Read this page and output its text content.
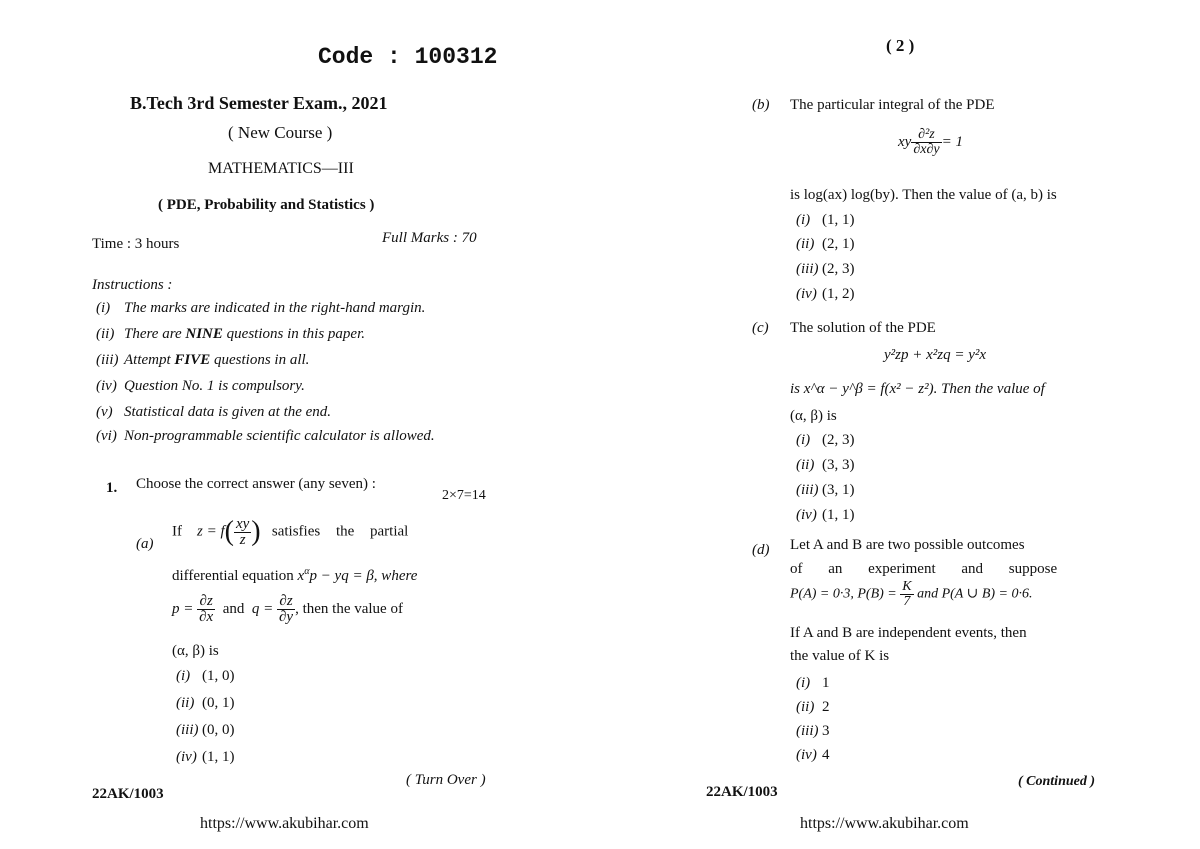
Code : 100312
B.Tech 3rd Semester Exam., 2021
( New Course )
MATHEMATICS—III
( PDE, Probability and Statistics )
Time : 3 hours	Full Marks : 70
Instructions :
(i) The marks are indicated in the right-hand margin.
(ii) There are NINE questions in this paper.
(iii) Attempt FIVE questions in all.
(iv) Question No. 1 is compulsory.
(v) Statistical data is given at the end.
(vi) Non-programmable scientific calculator is allowed.
1. Choose the correct answer (any seven) :
2×7=14
(a)
If $z = f( \frac{xy}{z}$ ) satisfies the partial
differential equation $x^\alpha p$ − yq = β, where
$p = \frac{\partial z}{\partial x}$ and $q = \frac{\partial z}{\partial y}$ , then the value of
(α, β) is
(i) (1, 0)
(ii) (0, 1)
(iii) (0, 0)
(iv) (1, 1)
22AK/1003
( Turn Over )
https://www.akubihar.com
( 2 )
(b) The particular integral of the PDE
xy $\frac{\text{∂²z}}{\partial x\partial y} = 1$
is log(ax) log(by). Then the value of (a, b) is
(i) (1, 1)
(ii) (2, 1)
(iii) (2, 3)
(iv) (1, 2)
(c) The solution of the PDE
y²zp + x²zq = y²x
is x^α − y^β = f(x² − z²). Then the value of
(α, β) is
(i) (2, 3)
(ii) (3, 3)
(iii) (3, 1)
(iv) (1, 1)
(d) Let A and B are two possible outcomes
of an experiment and suppose
P(A) = 0·3, $P(B) = \frac{K}{7}$ and P(A ∪ B) = 0·6.
If A and B are independent events, then
the value of K is
(i) 1
(ii) 2
(iii) 3
(iv) 4
22AK/1003
( Continued )
https://www.akubihar.com
